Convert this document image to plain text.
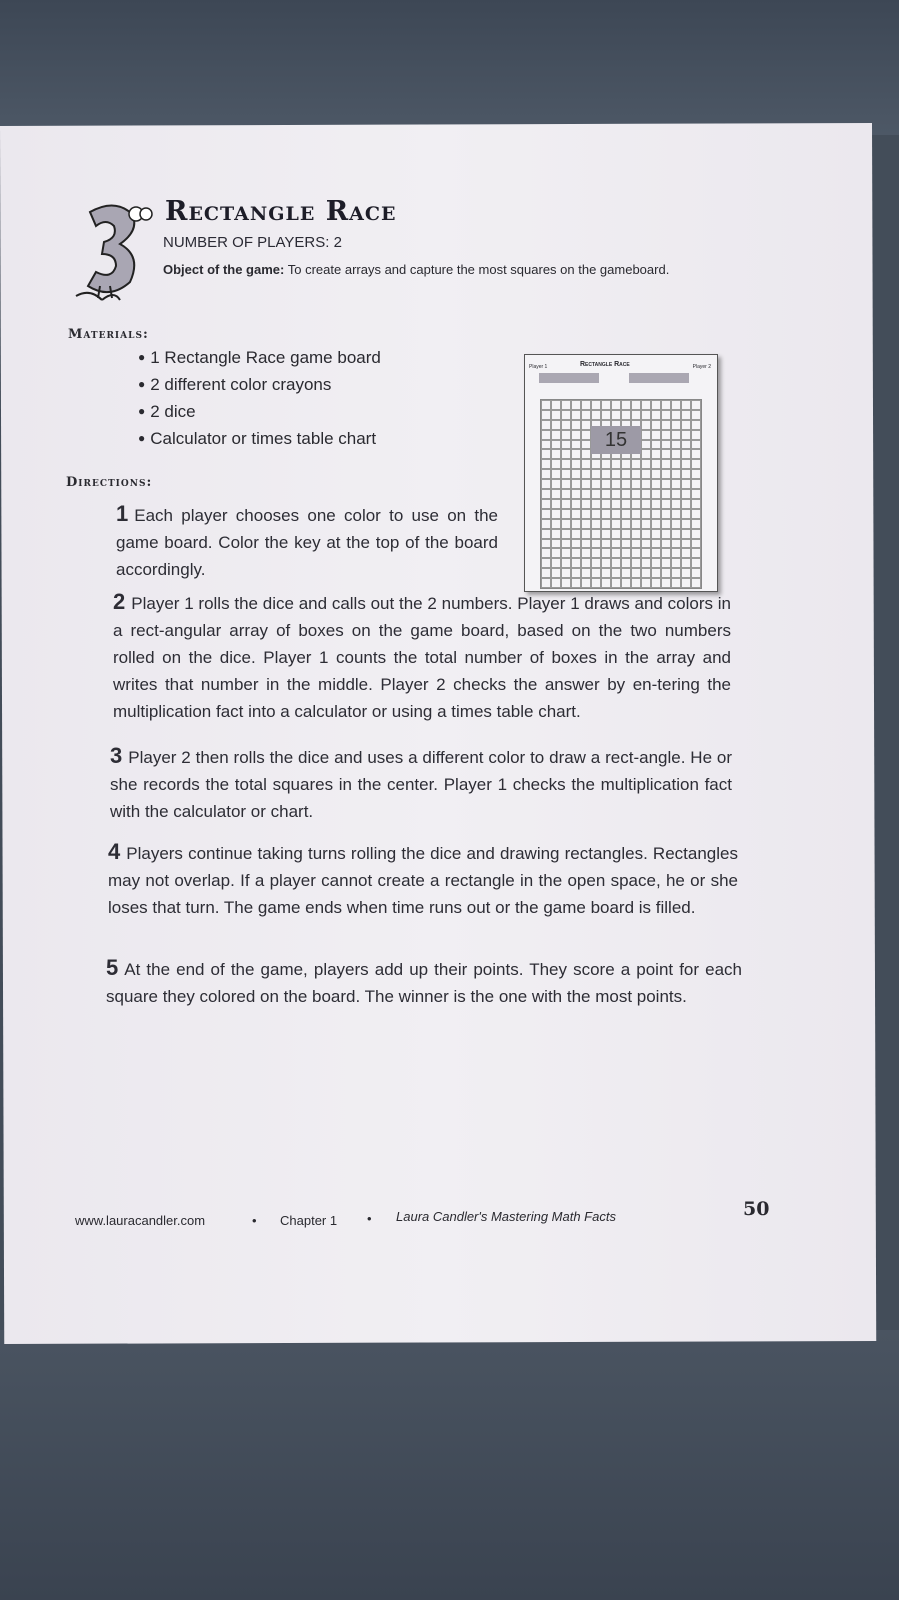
Rectangle Race
NUMBER OF PLAYERS: 2
Object of the game: To create arrays and capture the most squares on the gameboard.
Materials:
● 1 Rectangle Race game board
● 2 different color crayons
● 2 dice
● Calculator or times table chart
Player 1	Rectangle Race	Player 2
15
Directions:
1 Each player chooses one color to use on the game board. Color the key at the top of the board accordingly.
2 Player 1 rolls the dice and calls out the 2 numbers. Player 1 draws and colors in a rect-angular array of boxes on the game board, based on the two numbers rolled on the dice. Player 1 counts the total number of boxes in the array and writes that number in the middle. Player 2 checks the answer by en-tering the multiplication fact into a calculator or using a times table chart.
3 Player 2 then rolls the dice and uses a different color to draw a rect-angle. He or she records the total squares in the center. Player 1 checks the multiplication fact with the calculator or chart.
4 Players continue taking turns rolling the dice and drawing rectangles. Rectangles may not overlap. If a player cannot create a rectangle in the open space, he or she loses that turn. The game ends when time runs out or the game board is filled.
5 At the end of the game, players add up their points. They score a point for each square they colored on the board. The winner is the one with the most points.
www.lauracandler.com	• Chapter 1 • Laura Candler's Mastering Math Facts	50
